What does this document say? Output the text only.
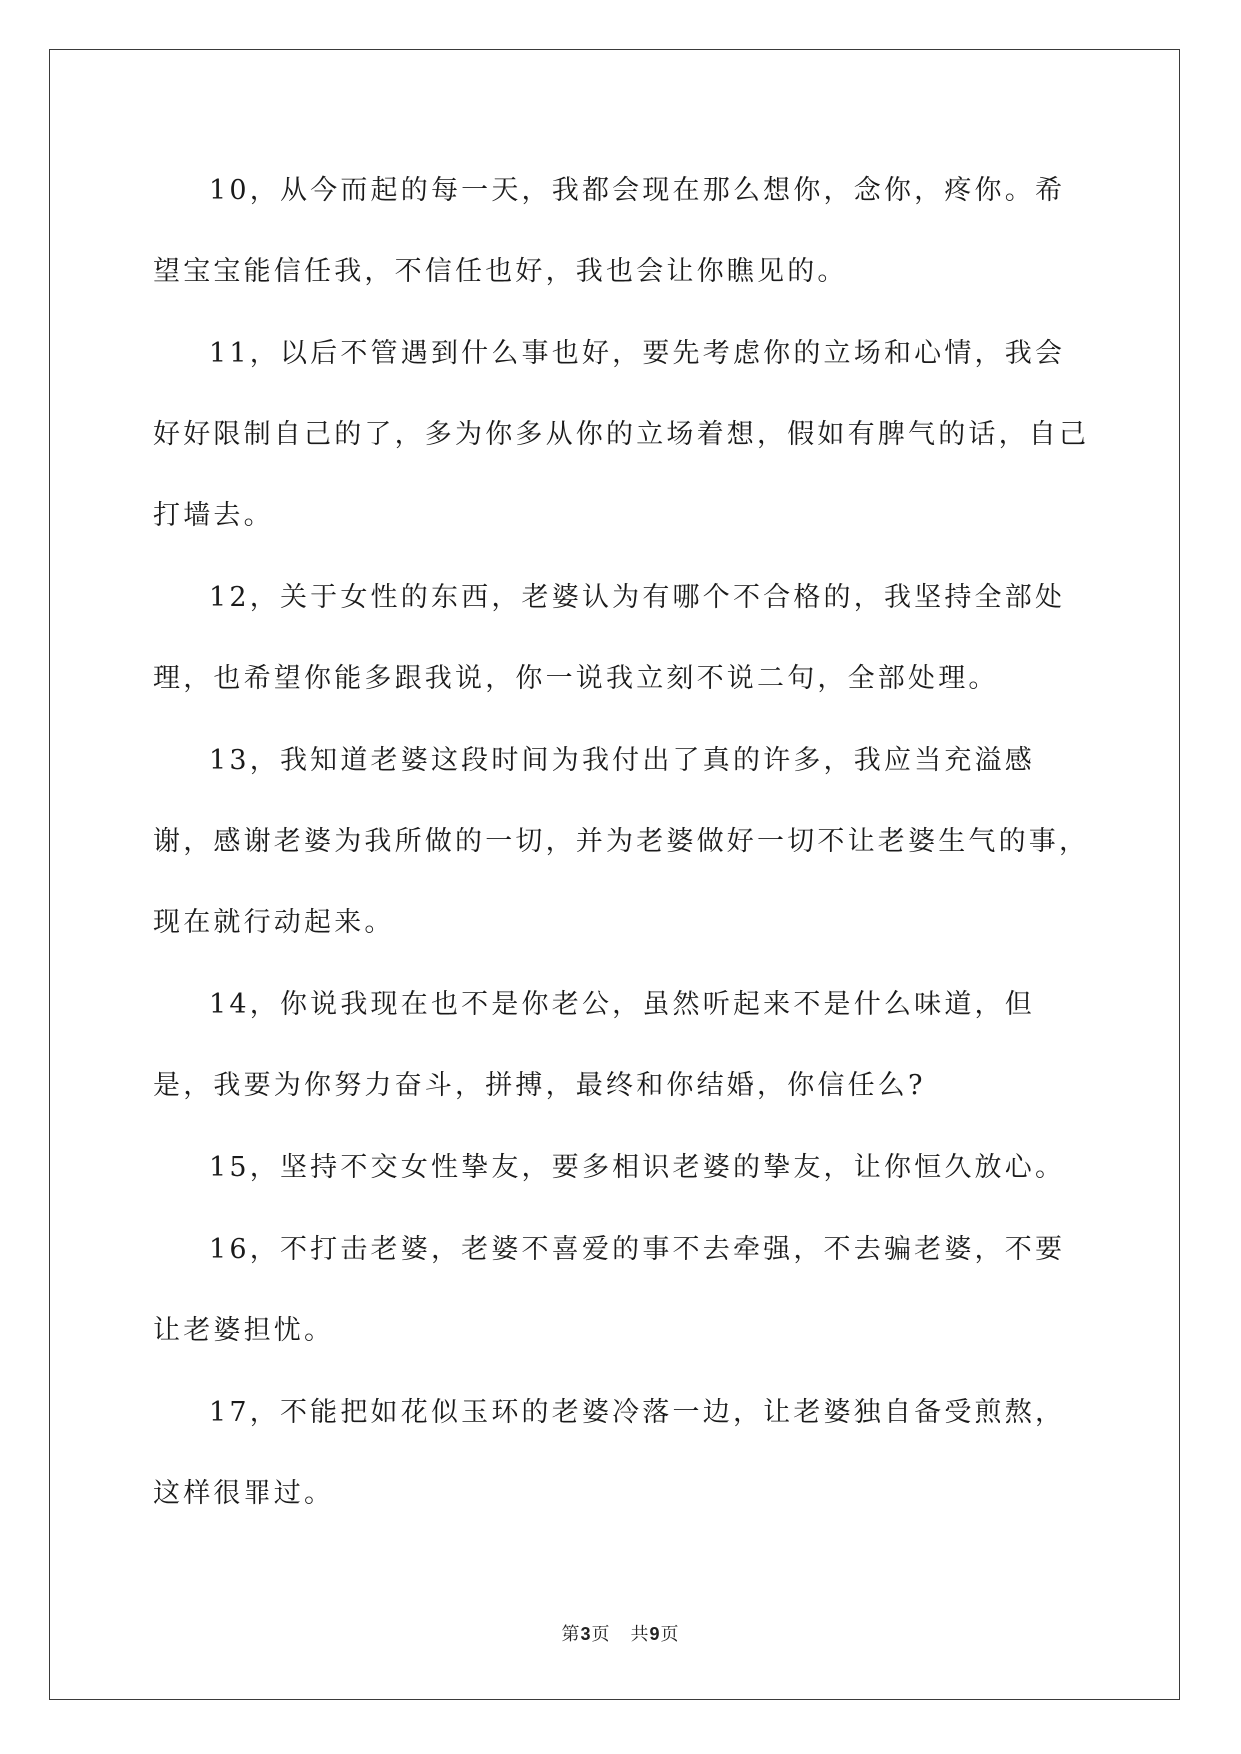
10，从今而起的每一天，我都会现在那么想你，念你，疼你。希望宝宝能信任我，不信任也好，我也会让你瞧见的。

11，以后不管遇到什么事也好，要先考虑你的立场和心情，我会好好限制自己的了，多为你多从你的立场着想，假如有脾气的话，自己打墙去。

12，关于女性的东西，老婆认为有哪个不合格的，我坚持全部处理，也希望你能多跟我说，你一说我立刻不说二句，全部处理。

13，我知道老婆这段时间为我付出了真的许多，我应当充溢感谢，感谢老婆为我所做的一切，并为老婆做好一切不让老婆生气的事，现在就行动起来。

14，你说我现在也不是你老公，虽然听起来不是什么味道，但是，我要为你努力奋斗，拼搏，最终和你结婚，你信任么?

15，坚持不交女性挚友，要多相识老婆的挚友，让你恒久放心。

16，不打击老婆，老婆不喜爱的事不去牵强，不去骗老婆，不要让老婆担忧。

17，不能把如花似玉环的老婆冷落一边，让老婆独自备受煎熬，这样很罪过。

第3页 共9页
